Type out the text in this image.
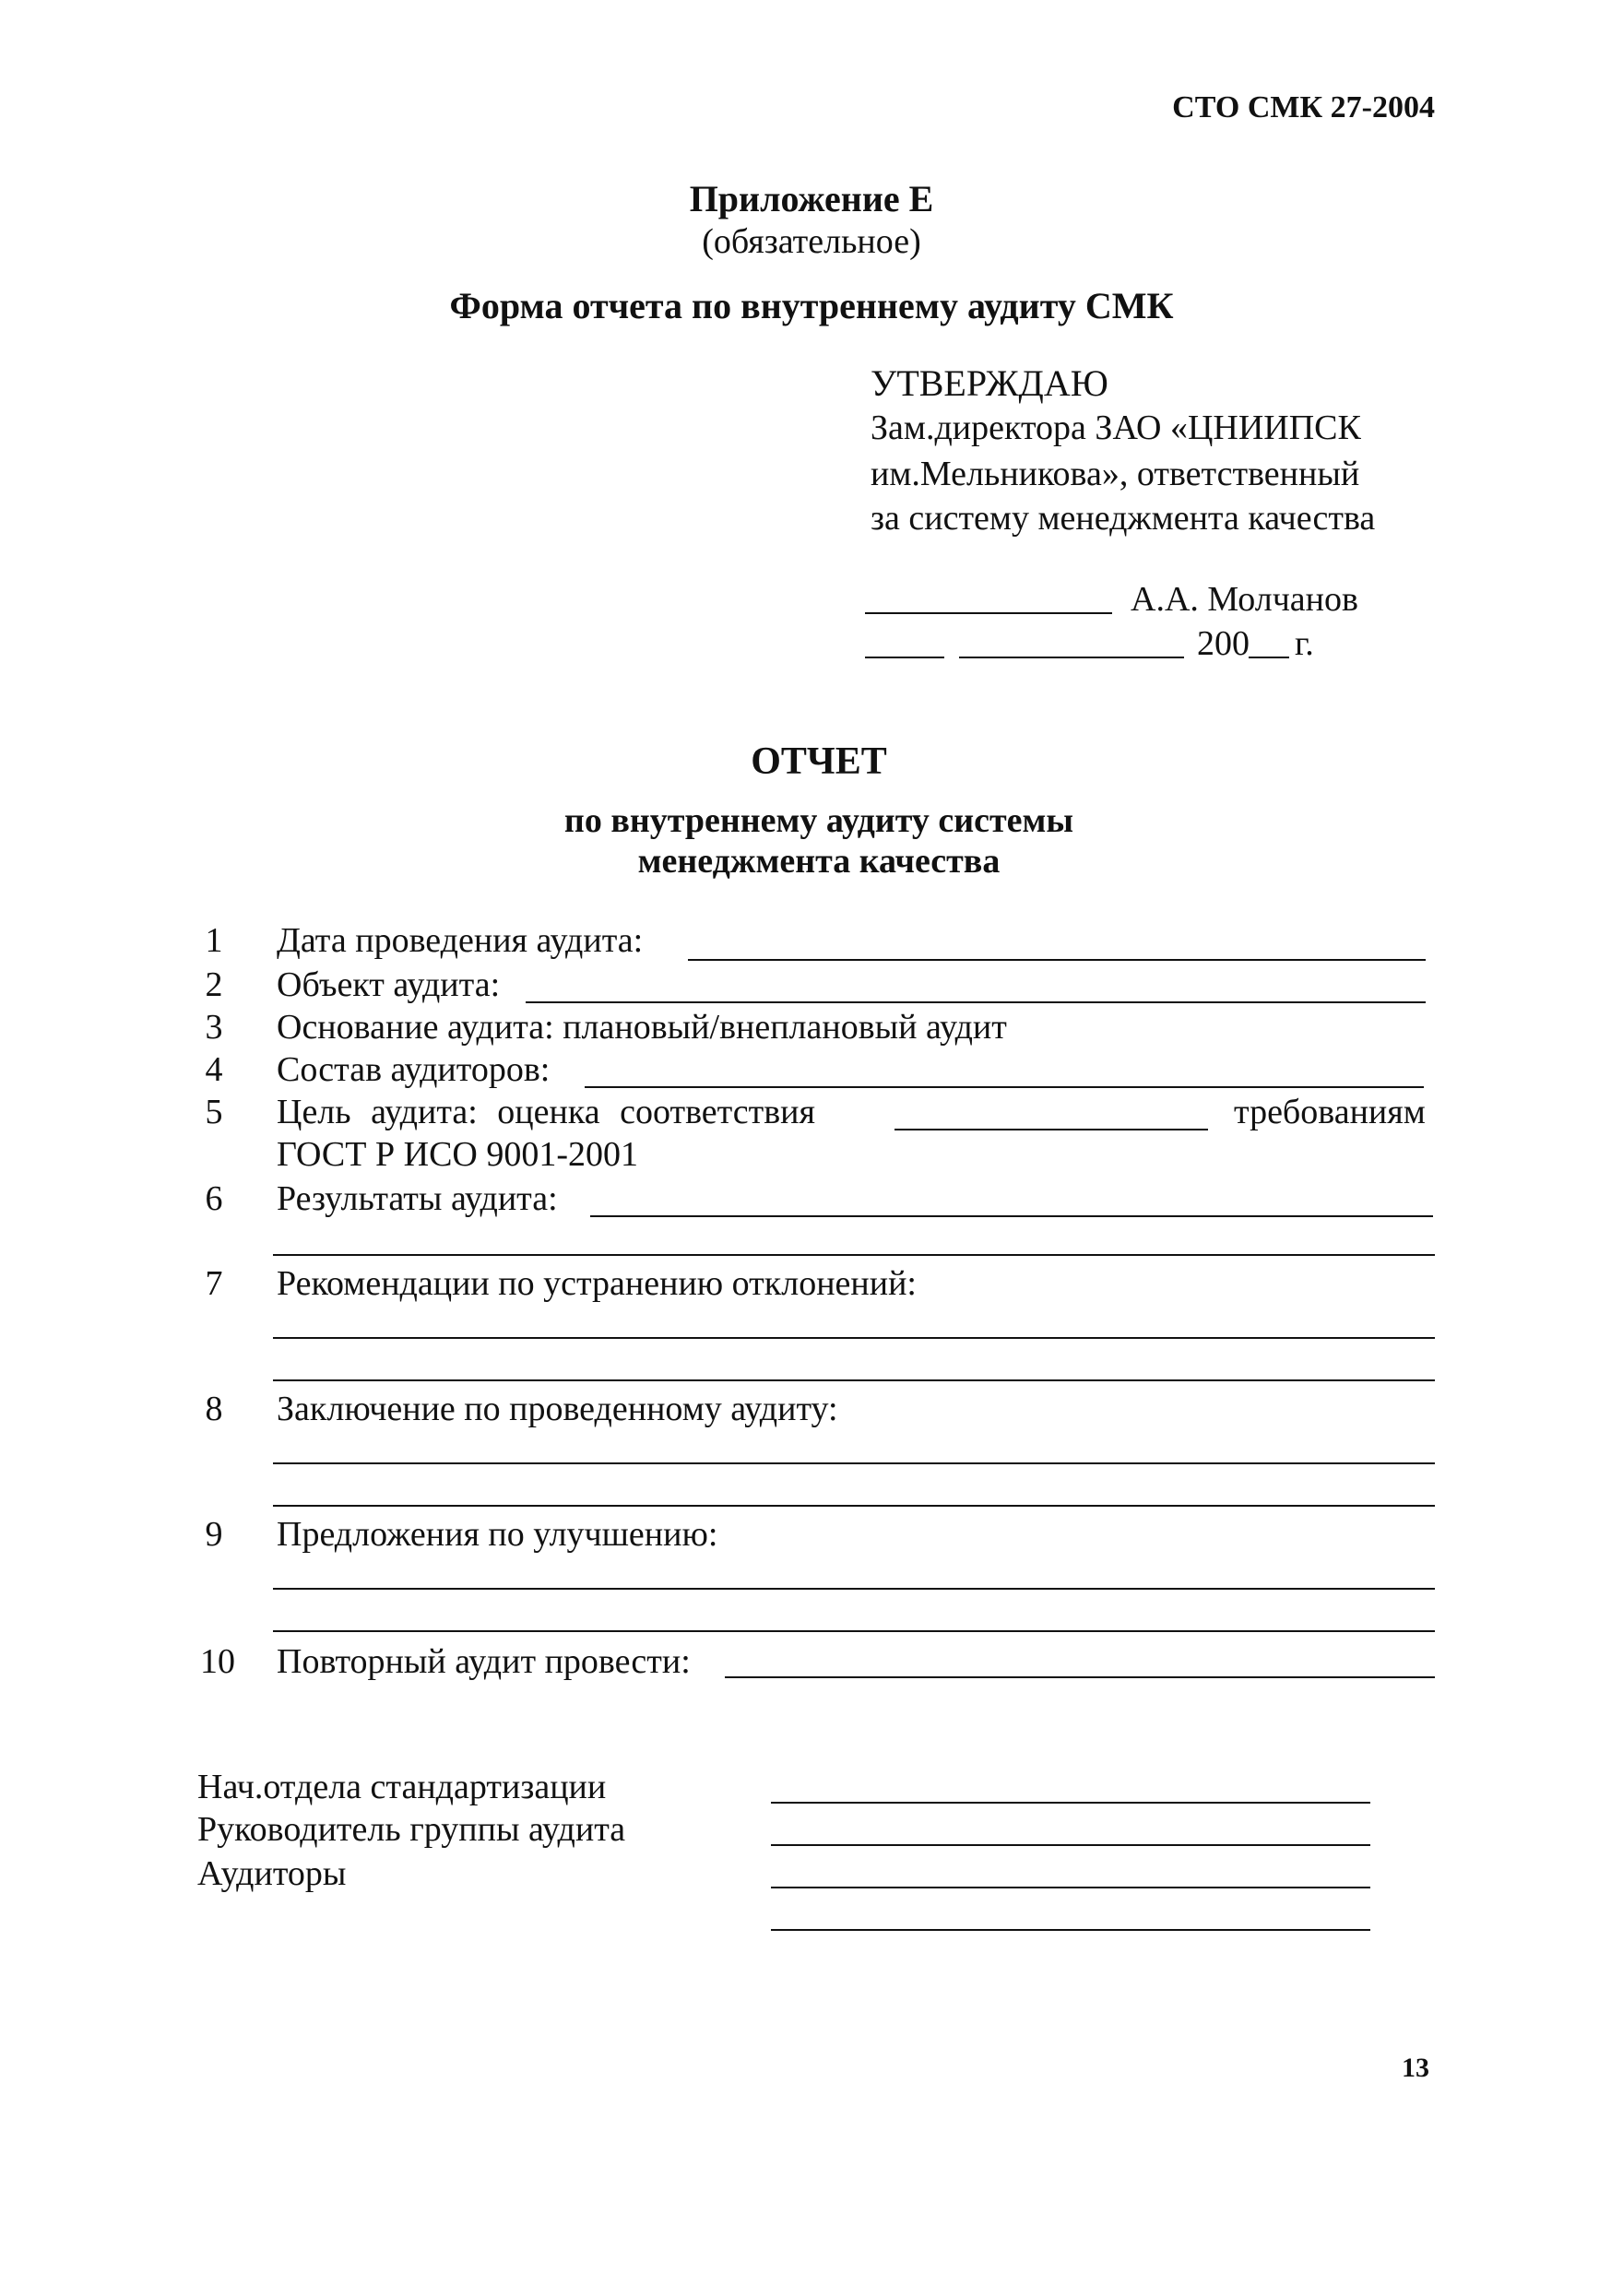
СТО СМК 27-2004
Приложение Е
(обязательное)
Форма отчета по внутреннему аудиту СМК
УТВЕРЖДАЮ
Зам.директора ЗАО «ЦНИИПСК
им.Мельникова», ответственный
за систему менеджмента качества
А.А. Молчанов
200 г.
ОТЧЕТ
по внутреннему аудиту системы
менеджмента качества
1	Дата проведения аудита:
2	Объект аудита:
3	Основание аудита: плановый/внеплановый аудит
4	Состав аудиторов:
5	Цель аудита: оценка соответствия	требованиям
ГОСТ Р ИСО 9001-2001
6	Результаты аудита:
7	Рекомендации по устранению отклонений:
8	Заключение по проведенному аудиту:
9	Предложения по улучшению:
10 Повторный аудит провести:
Нач.отдела стандартизации
Руководитель группы аудита
Аудиторы
13
